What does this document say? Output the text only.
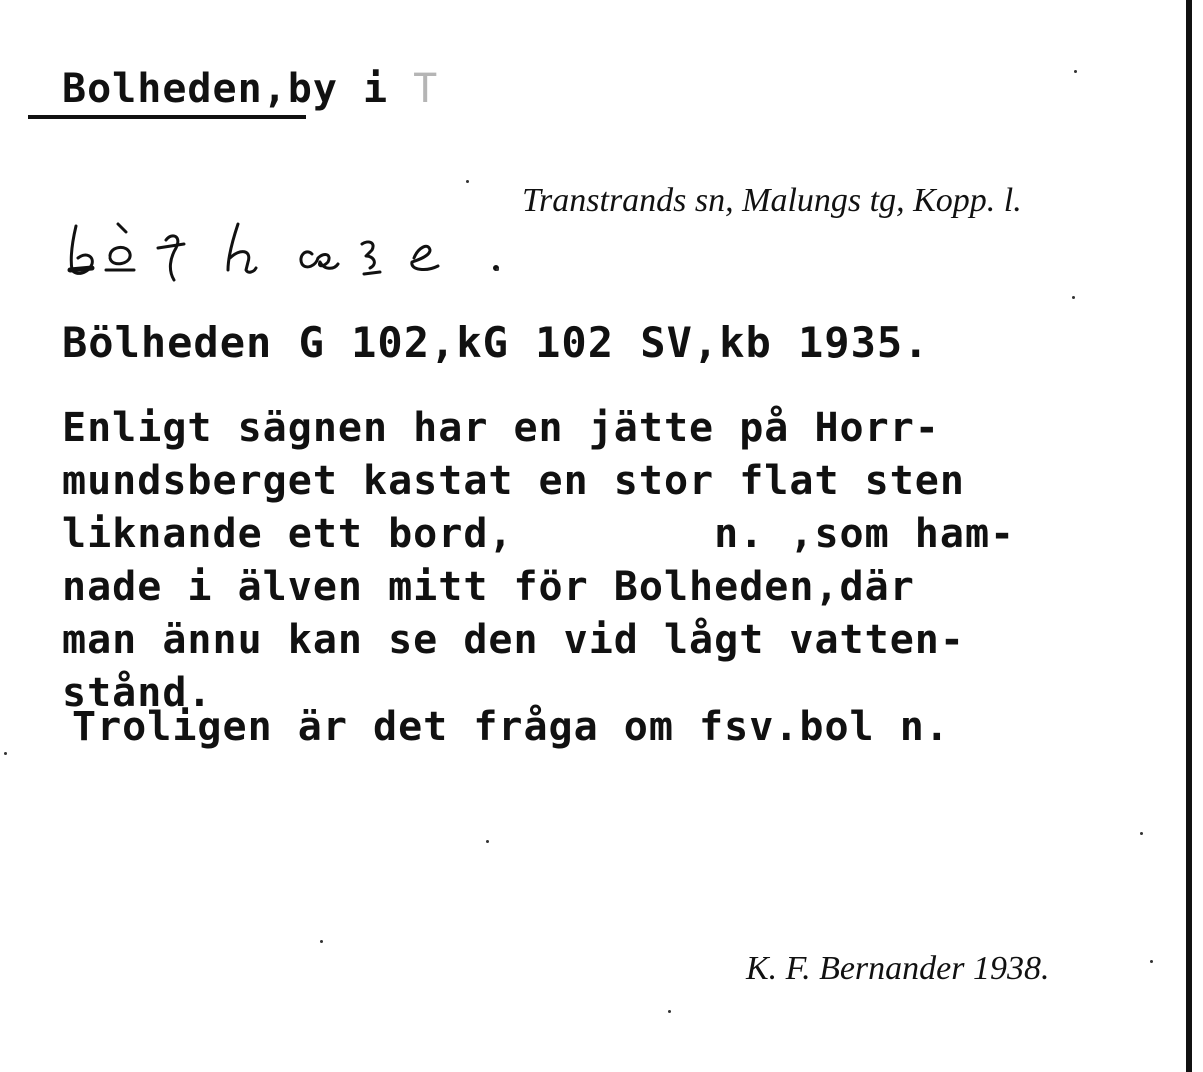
Bolheden,by i T
Transtrands sn, Malungs tg, Kopp. l.
Bölheden G 102,kG 102 SV,kb 1935.
Enligt sägnen har en jätte på Horr-
mundsberget kastat en stor flat sten
liknande ett bord,        n. ,som ham-
nade i älven mitt för Bolheden,där
man ännu kan se den vid lågt vatten-
stånd.
Troligen är det fråga om fsv.bol n.
K. F. Bernander 1938.
